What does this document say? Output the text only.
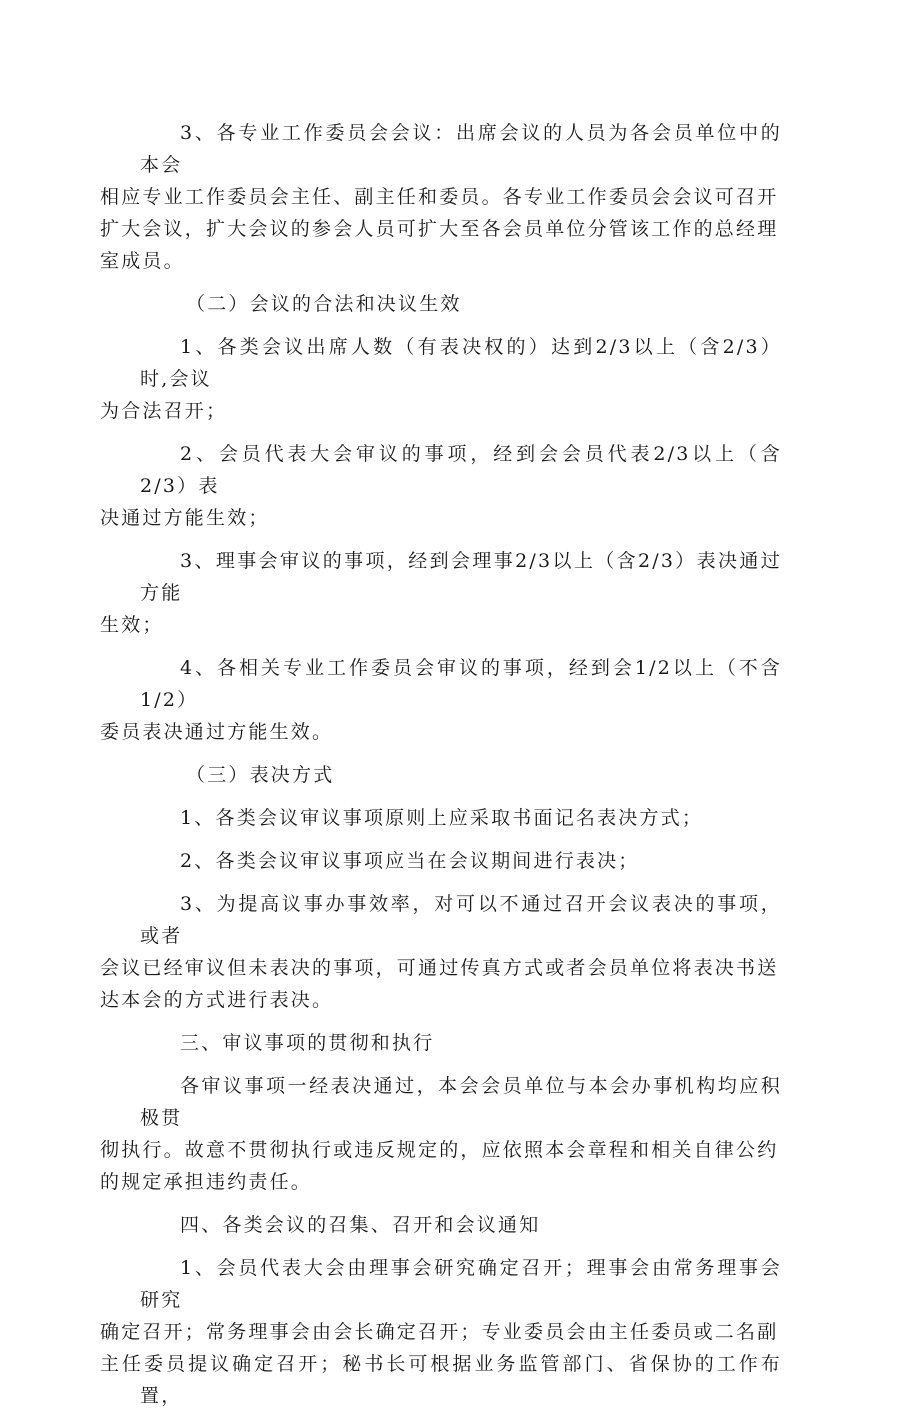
3、各专业工作委员会会议：出席会议的人员为各会员单位中的本会
相应专业工作委员会主任、副主任和委员。各专业工作委员会会议可召开
扩大会议，扩大会议的参会人员可扩大至各会员单位分管该工作的总经理
室成员。

（二）会议的合法和决议生效

1、各类会议出席人数（有表决权的）达到2/3以上（含2/3）时,会议
为合法召开；

2、会员代表大会审议的事项，经到会会员代表2/3以上（含2/3）表
决通过方能生效；

3、理事会审议的事项，经到会理事2/3以上（含2/3）表决通过方能
生效；

4、各相关专业工作委员会审议的事项，经到会1/2以上（不含1/2）
委员表决通过方能生效。

（三）表决方式

1、各类会议审议事项原则上应采取书面记名表决方式；

2、各类会议审议事项应当在会议期间进行表决；

3、为提高议事办事效率，对可以不通过召开会议表决的事项，或者
会议已经审议但未表决的事项，可通过传真方式或者会员单位将表决书送
达本会的方式进行表决。

三、审议事项的贯彻和执行

各审议事项一经表决通过，本会会员单位与本会办事机构均应积极贯
彻执行。故意不贯彻执行或违反规定的，应依照本会章程和相关自律公约
的规定承担违约责任。

四、各类会议的召集、召开和会议通知

1、会员代表大会由理事会研究确定召开；理事会由常务理事会研究
确定召开；常务理事会由会长确定召开；专业委员会由主任委员或二名副
主任委员提议确定召开；秘书长可根据业务监管部门、省保协的工作布置，
